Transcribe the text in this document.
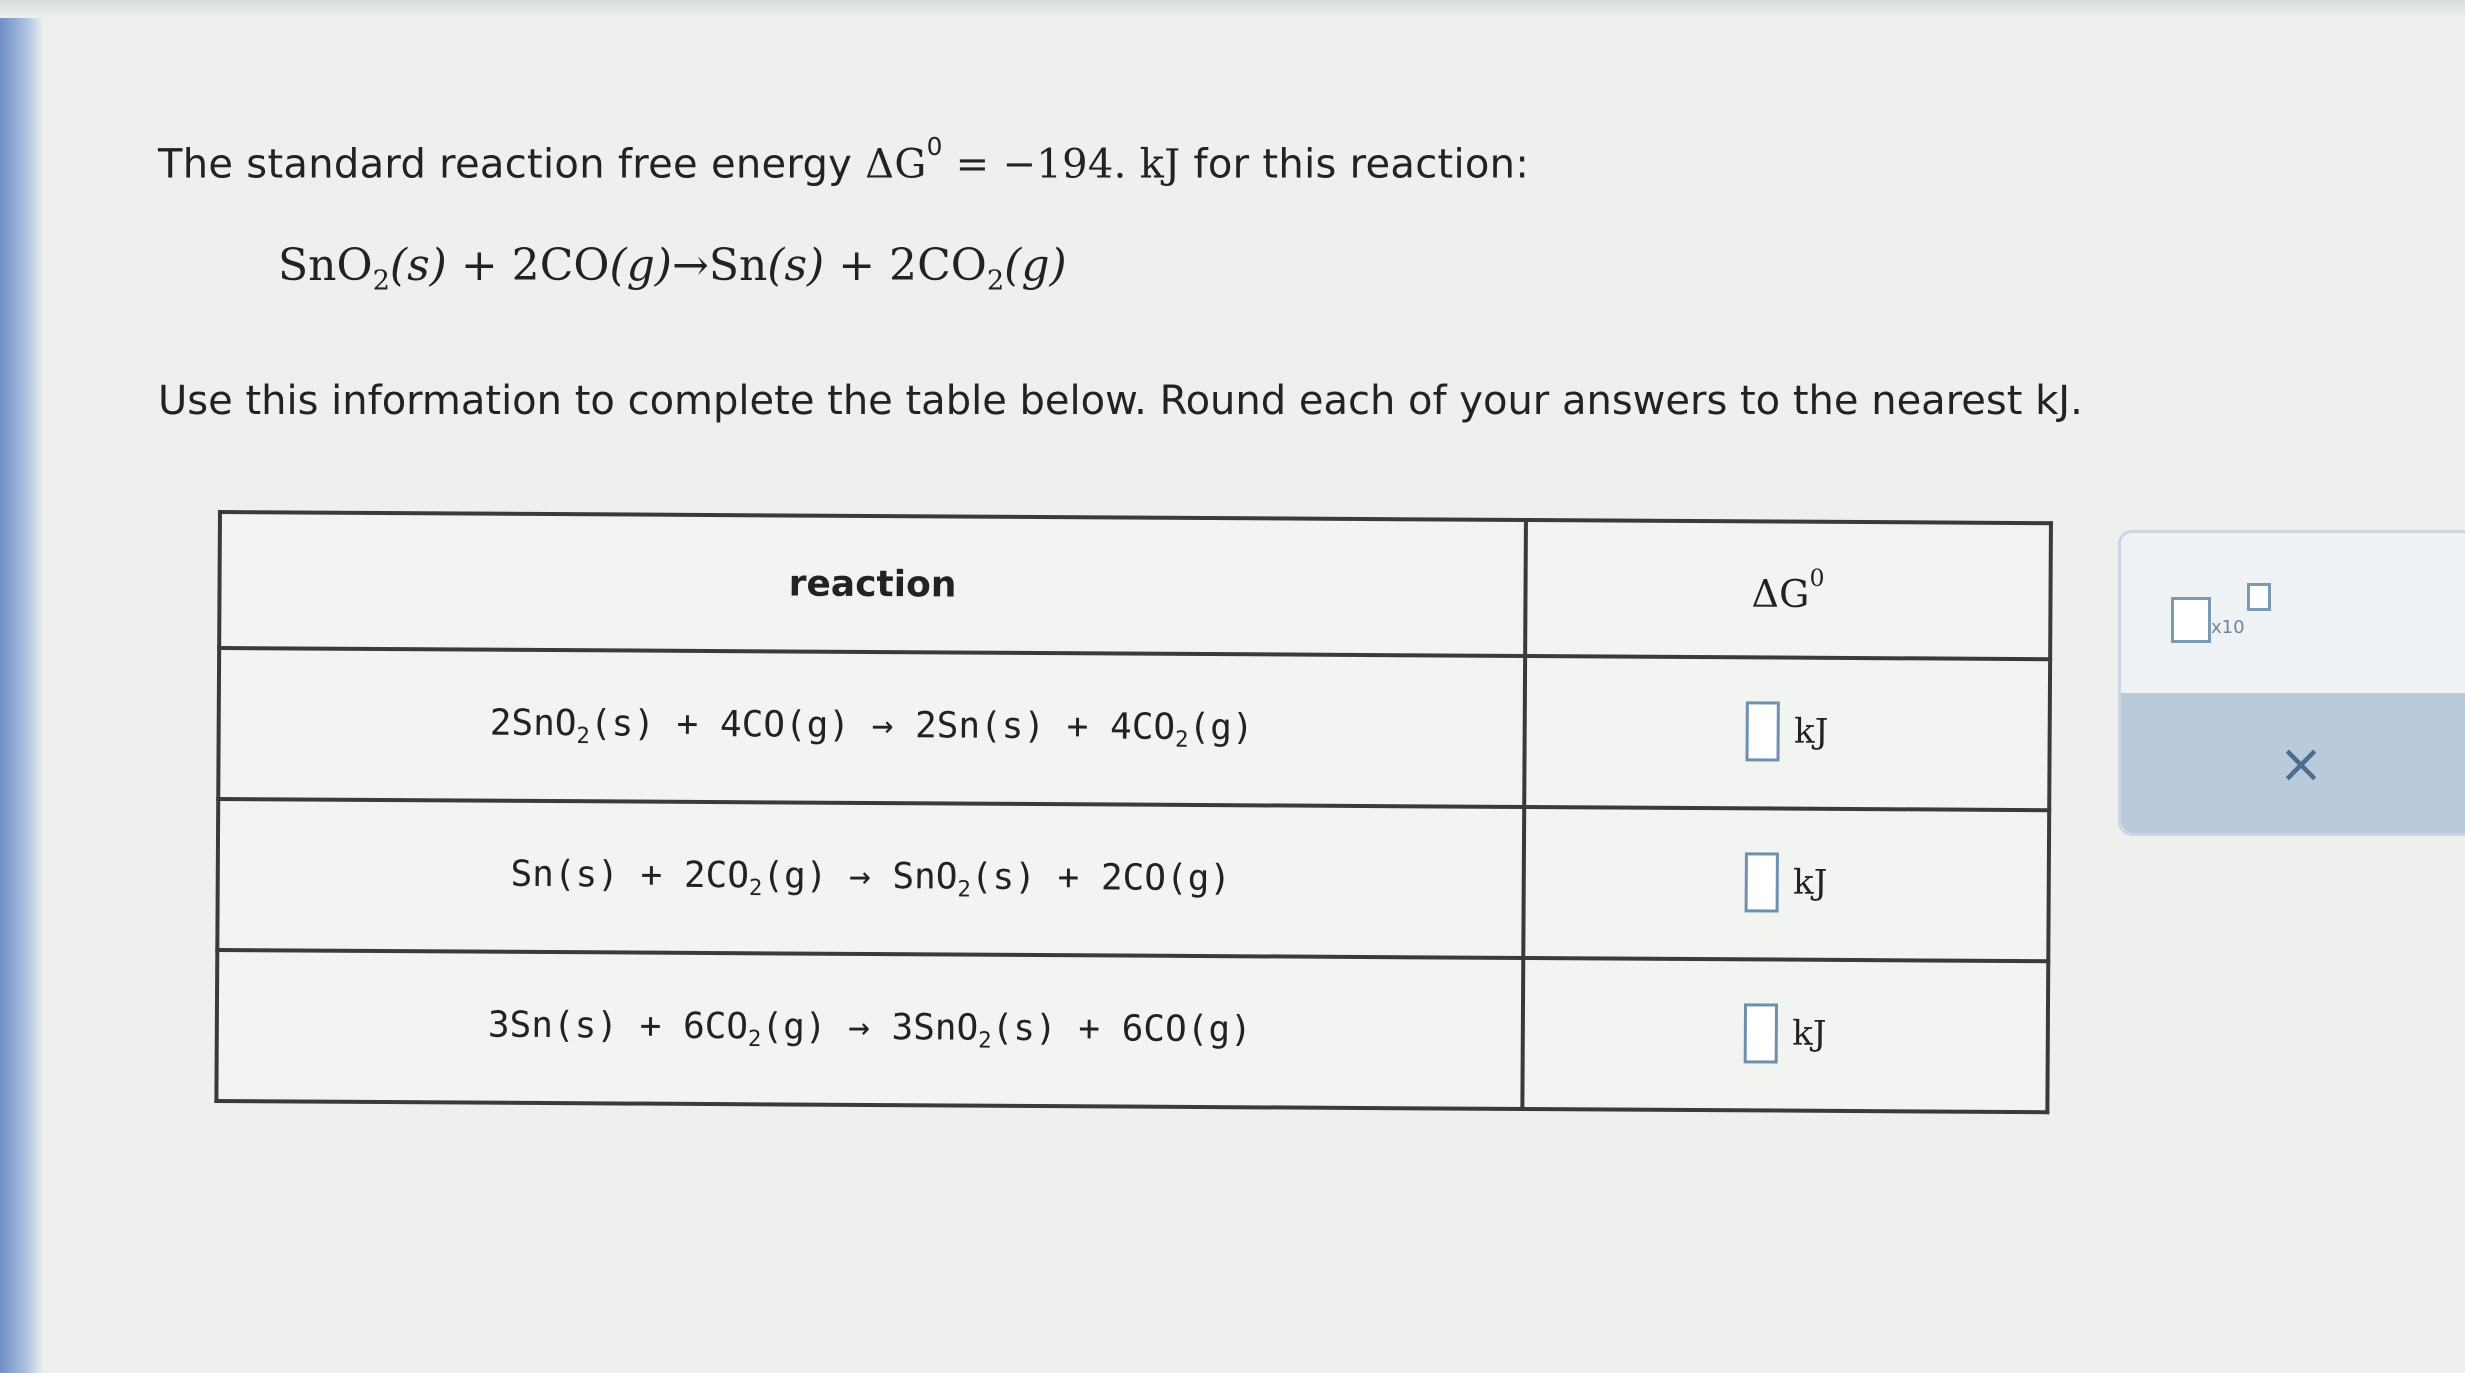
The standard reaction free energy $\Delta G^0 = -194$. kJ for this reaction:
$SnO_2(s) + 2CO(g)\to Sn(s) + 2CO_2(g)$
Use this information to complete the table below. Round each of your answers to the nearest kJ.
reaction	$\Delta G^0$
$2SnO_2(s) + 4CO(g) \to 2Sn(s) + 4CO_2(g)$	kJ

$Sn(s) + 2CO_2(g) \to SnO_2(s) + 2CO(g)$	kJ

$3Sn(s) + 6CO_2(g) \to 3SnO_2(s) + 6CO(g)$	kJ
x10
×
